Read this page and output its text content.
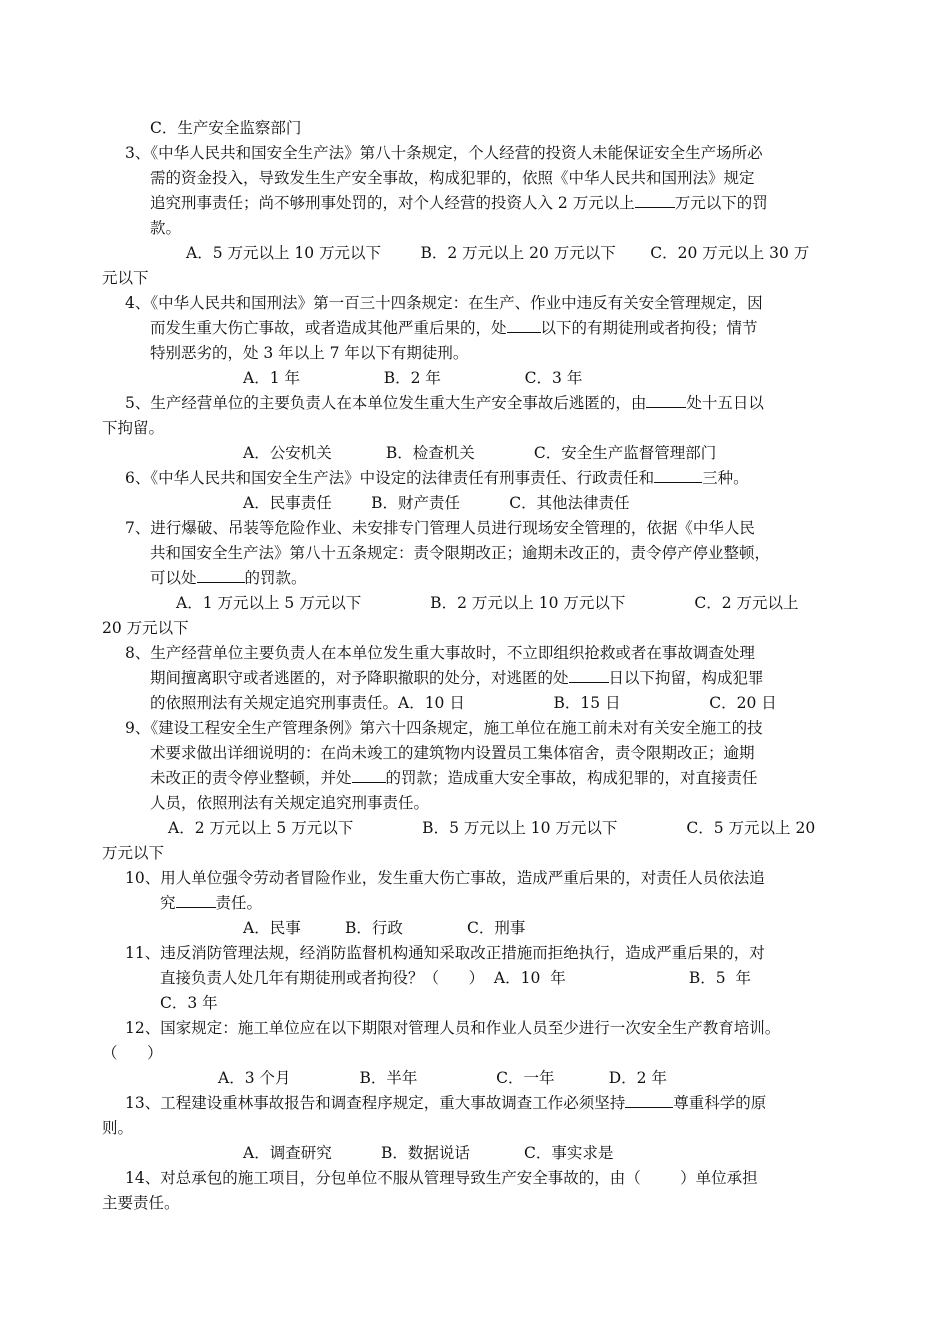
C．生产安全监察部门
3、《中华人民共和国安全生产法》第八十条规定，个人经营的投资人未能保证安全生产场所必
需的资金投入，导致发生生产安全事故，构成犯罪的，依照《中华人民共和国刑法》规定
追究刑事责任；尚不够刑事处罚的，对个人经营的投资人入 2 万元以上	万元以下的罚
款。
A．5 万元以上 10 万元以下        B．2 万元以上 20 万元以下       C．20 万元以上 30 万
元以下
4、《中华人民共和国刑法》第一百三十四条规定：在生产、作业中违反有关安全管理规定，因
而发生重大伤亡事故，或者造成其他严重后果的，处 以下的有期徒刑或者拘役；情节
特别恶劣的，处 3 年以上 7 年以下有期徒刑。
A．1 年                 B．2 年                 C．3 年
5、生产经营单位的主要负责人在本单位发生重大生产安全事故后逃匿的，由	处十五日以
下拘留。
A．公安机关           B．检查机关            C．安全生产监督管理部门
6、《中华人民共和国安全生产法》中设定的法律责任有刑事责任、行政责任和	三种。
A．民事责任        B．财产责任          C．其他法律责任
7、进行爆破、吊装等危险作业、未安排专门管理人员进行现场安全管理的，依据《中华人民
共和国安全生产法》第八十五条规定：责令限期改正；逾期未改正的，责令停产停业整顿，
可以处	的罚款。
A．1 万元以上 5 万元以下              B．2 万元以上 10 万元以下              C．2 万元以上
20 万元以下
8、生产经营单位主要负责人在本单位发生重大事故时，不立即组织抢救或者在事故调查处理
期间擅离职守或者逃匿的，对予降职撤职的处分，对逃匿的处	日以下拘留，构成犯罪
的依照刑法有关规定追究刑事责任。A．10 日                  B．15 日                  C．20 日
9、《建设工程安全生产管理条例》第六十四条规定，施工单位在施工前未对有关安全施工的技
术要求做出详细说明的：在尚未竣工的建筑物内设置员工集体宿舍，责令限期改正；逾期
未改正的责令停业整顿，并处 的罚款；造成重大安全事故，构成犯罪的，对直接责任
人员，依照刑法有关规定追究刑事责任。
A．2 万元以上 5 万元以下              B．5 万元以上 10 万元以下              C．5 万元以上 20
万元以下
10、用人单位强令劳动者冒险作业，发生重大伤亡事故，造成严重后果的，对责任人员依法追
究	责任。
A．民事         B．行政             C．刑事
11、违反消防管理法规，经消防监督机构通知采取改正措施而拒绝执行，造成严重后果的，对
直接负责人处几年有期徒刑或者拘役？（      ）  A．10  年                         B．5  年
C．3 年
12、国家规定：施工单位应在以下期限对管理人员和作业人员至少进行一次安全生产教育培训。
（      ）
A．3 个月              B．半年                C．一年           D．2 年
13、工程建设重林事故报告和调查程序规定，重大事故调查工作必须坚持	尊重科学的原
则。
A．调查研究          B．数据说话           C．事实求是
14、对总承包的施工项目，分包单位不服从管理导致生产安全事故的，由（        ）单位承担
主要责任。
